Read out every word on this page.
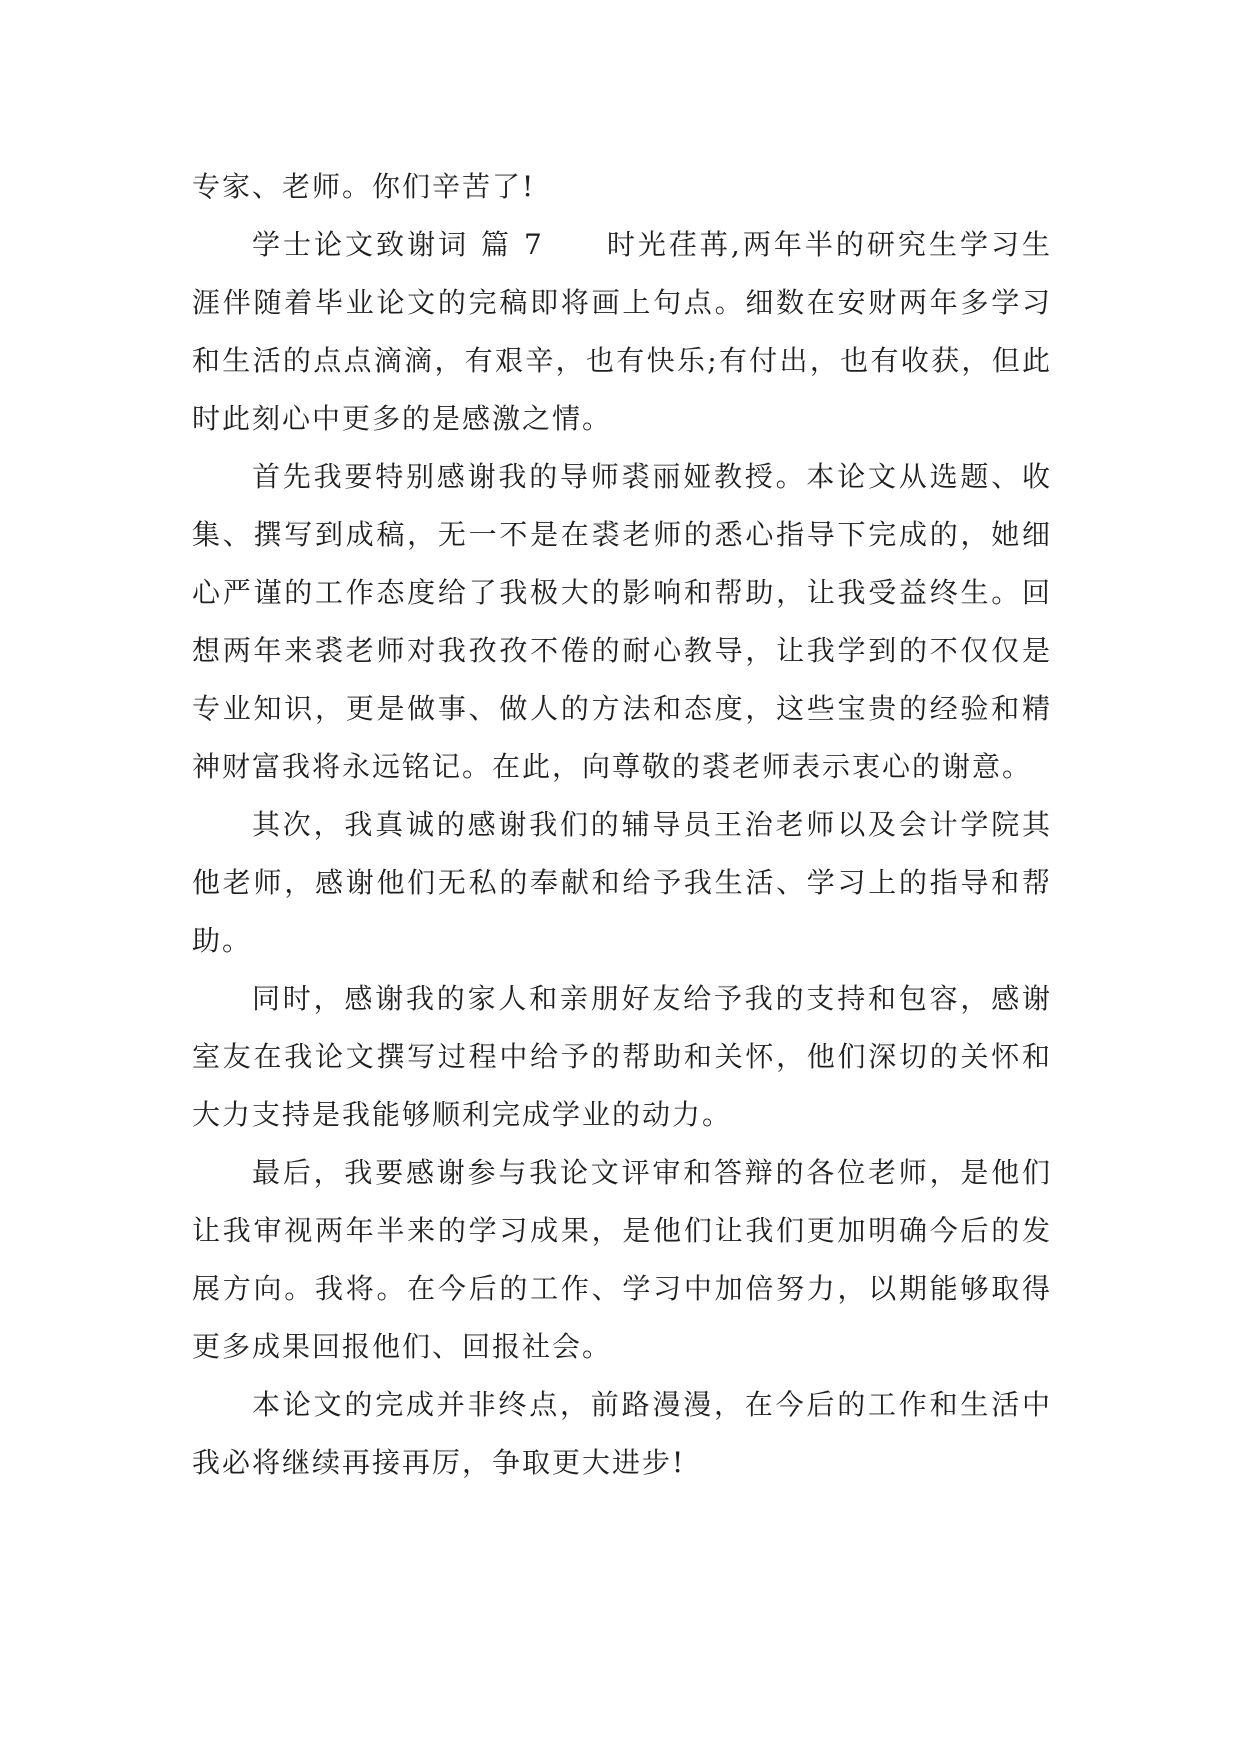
专家、老师。你们辛苦了!

学士论文致谢词 篇 7 时光荏苒,两年半的研究生学习生涯伴随着毕业论文的完稿即将画上句点。细数在安财两年多学习和生活的点点滴滴，有艰辛，也有快乐;有付出，也有收获，但此时此刻心中更多的是感激之情。

首先我要特别感谢我的导师裘丽娅教授。本论文从选题、收集、撰写到成稿，无一不是在裘老师的悉心指导下完成的，她细心严谨的工作态度给了我极大的影响和帮助，让我受益终生。回想两年来裘老师对我孜孜不倦的耐心教导，让我学到的不仅仅是专业知识，更是做事、做人的方法和态度，这些宝贵的经验和精神财富我将永远铭记。在此，向尊敬的裘老师表示衷心的谢意。

其次，我真诚的感谢我们的辅导员王治老师以及会计学院其他老师，感谢他们无私的奉献和给予我生活、学习上的指导和帮助。

同时，感谢我的家人和亲朋好友给予我的支持和包容，感谢室友在我论文撰写过程中给予的帮助和关怀，他们深切的关怀和大力支持是我能够顺利完成学业的动力。

最后，我要感谢参与我论文评审和答辩的各位老师，是他们让我审视两年半来的学习成果，是他们让我们更加明确今后的发展方向。我将。在今后的工作、学习中加倍努力，以期能够取得更多成果回报他们、回报社会。

本论文的完成并非终点，前路漫漫，在今后的工作和生活中我必将继续再接再厉，争取更大进步!
